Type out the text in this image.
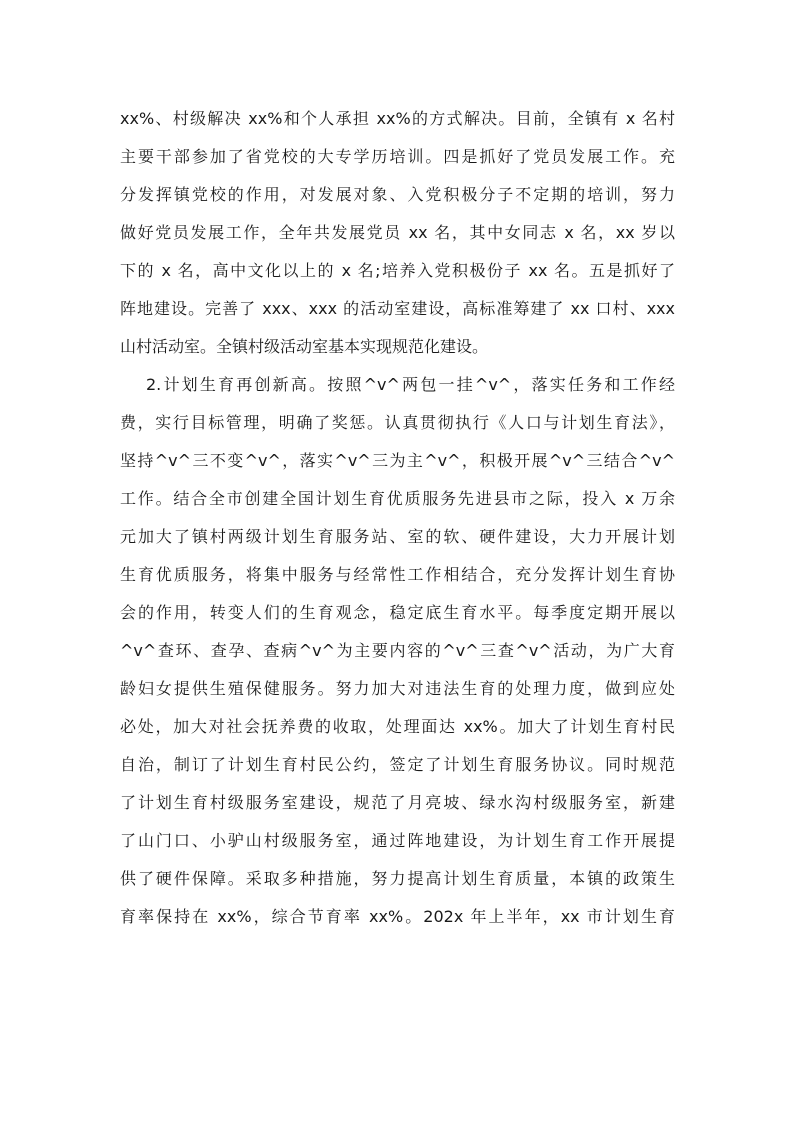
xx%、村级解决 xx%和个人承担 xx%的方式解决。目前，全镇有 x 名村
主要干部参加了省党校的大专学历培训。四是抓好了党员发展工作。充
分发挥镇党校的作用，对发展对象、入党积极分子不定期的培训，努力
做好党员发展工作，全年共发展党员 xx 名，其中女同志 x 名，xx 岁以
下的 x 名，高中文化以上的 x 名;培养入党积极份子 xx 名。五是抓好了
阵地建设。完善了 xxx、xxx 的活动室建设，高标准筹建了 xx 口村、xxx
山村活动室。全镇村级活动室基本实现规范化建设。
2.计划生育再创新高。按照^v^两包一挂^v^，落实任务和工作经
费，实行目标管理，明确了奖惩。认真贯彻执行《人口与计划生育法》，
坚持^v^三不变^v^，落实^v^三为主^v^，积极开展^v^三结合^v^
工作。结合全市创建全国计划生育优质服务先进县市之际，投入 x 万余
元加大了镇村两级计划生育服务站、室的软、硬件建设，大力开展计划
生育优质服务，将集中服务与经常性工作相结合，充分发挥计划生育协
会的作用，转变人们的生育观念，稳定底生育水平。每季度定期开展以
^v^查环、查孕、查病^v^为主要内容的^v^三查^v^活动，为广大育
龄妇女提供生殖保健服务。努力加大对违法生育的处理力度，做到应处
必处，加大对社会抚养费的收取，处理面达 xx%。加大了计划生育村民
自治，制订了计划生育村民公约，签定了计划生育服务协议。同时规范
了计划生育村级服务室建设，规范了月亮坡、绿水沟村级服务室，新建
了山门口、小驴山村级服务室，通过阵地建设，为计划生育工作开展提
供了硬件保障。采取多种措施，努力提高计划生育质量，本镇的政策生
育率保持在 xx%，综合节育率 xx%。202x 年上半年，xx 市计划生育
